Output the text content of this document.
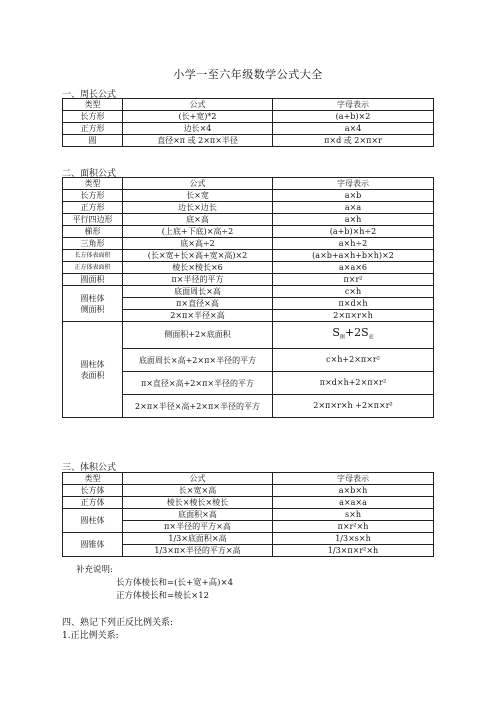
小学一至六年级数学公式大全
一、周长公式
类型	公式	字母表示
长方形	(长+宽)*2	(a+b)×2
正方形	边长×4	a×4
圆	直径×π 或 2×π×半径	π×d 或 2×π×r
二、面积公式
类型	公式	字母表示
长方形	长×宽	a×b
正方形	边长×边长	a×a
平行四边形	底×高	a×h
梯形	(上底+下底)×高÷2	(a+b)×h÷2
三角形	底×高÷2	a×h÷2
长方体表面积	(长×宽+长×高+宽×高)×2	(a×b+a×h+b×h)×2
正方体表面积	棱长×棱长×6	a×a×6
圆面积	π×半径的平方	π×r²
圆柱体
侧面积	底面周长×高	c×h
	π×直径×高	π×d×h
	2×π×半径×高	2×π×r×h
圆柱体
表面积	侧面积+2×底面积	$S_侧+2S_底$
	底面周长×高+2×π×半径的平方	c×h+2×π×r²
	π×直径×高+2×π×半径的平方	π×d×h+2×π×r²
	2×π×半径×高+2×π×半径的平方	2×π×r×h +2×π×r²
三、体积公式
类型	公式	字母表示
长方体	长×宽×高	a×b×h
正方体	棱长×棱长×棱长	a×a×a
圆柱体	底面积×高	s×h
	π×半径的平方×高	π×r²×h
圆锥体	1/3×底面积×高	1/3×s×h
	1/3×π×半径的平方×高	1/3×π×r²×h
补充说明:
长方体棱长和=(长+宽+高)×4
正方体棱长和=棱长×12
四、熟记下列正反比例关系:
1.正比例关系:
